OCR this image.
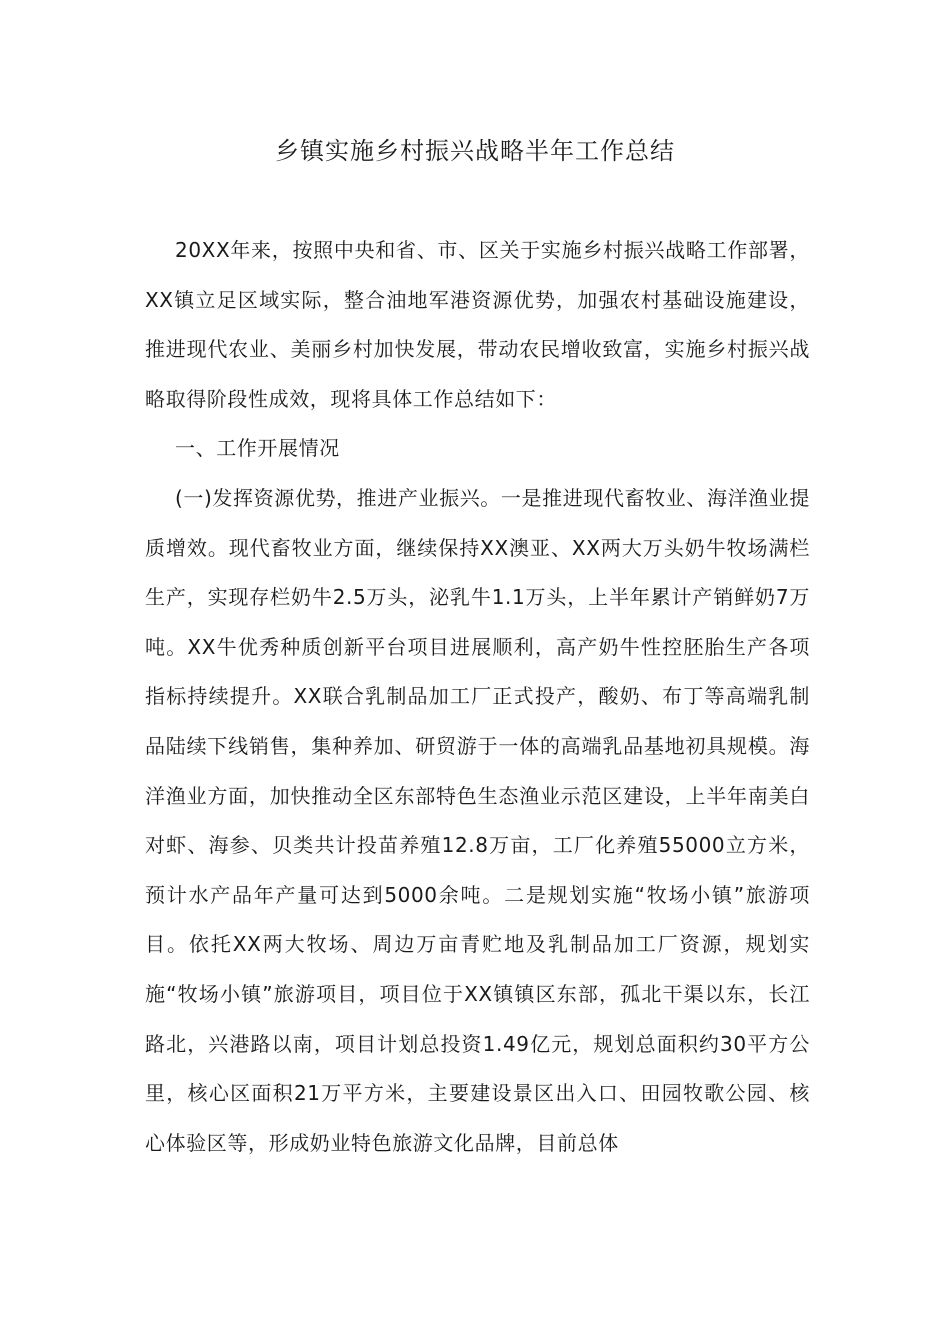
乡镇实施乡村振兴战略半年工作总结

20XX年来，按照中央和省、市、区关于实施乡村振兴战略工作部署，XX镇立足区域实际，整合油地军港资源优势，加强农村基础设施建设，推进现代农业、美丽乡村加快发展，带动农民增收致富，实施乡村振兴战略取得阶段性成效，现将具体工作总结如下：

一、工作开展情况

(一)发挥资源优势，推进产业振兴。一是推进现代畜牧业、海洋渔业提质增效。现代畜牧业方面，继续保持XX澳亚、XX两大万头奶牛牧场满栏生产，实现存栏奶牛2.5万头，泌乳牛1.1万头，上半年累计产销鲜奶7万吨。XX牛优秀种质创新平台项目进展顺利，高产奶牛性控胚胎生产各项指标持续提升。XX联合乳制品加工厂正式投产，酸奶、布丁等高端乳制品陆续下线销售，集种养加、研贸游于一体的高端乳品基地初具规模。海洋渔业方面，加快推动全区东部特色生态渔业示范区建设，上半年南美白对虾、海参、贝类共计投苗养殖12.8万亩，工厂化养殖55000立方米，预计水产品年产量可达到5000余吨。二是规划实施“牧场小镇”旅游项目。依托XX两大牧场、周边万亩青贮地及乳制品加工厂资源，规划实施“牧场小镇”旅游项目，项目位于XX镇镇区东部，孤北干渠以东，长江路北，兴港路以南，项目计划总投资1.49亿元，规划总面积约30平方公里，核心区面积21万平方米，主要建设景区出入口、田园牧歌公园、核心体验区等，形成奶业特色旅游文化品牌，目前总体
